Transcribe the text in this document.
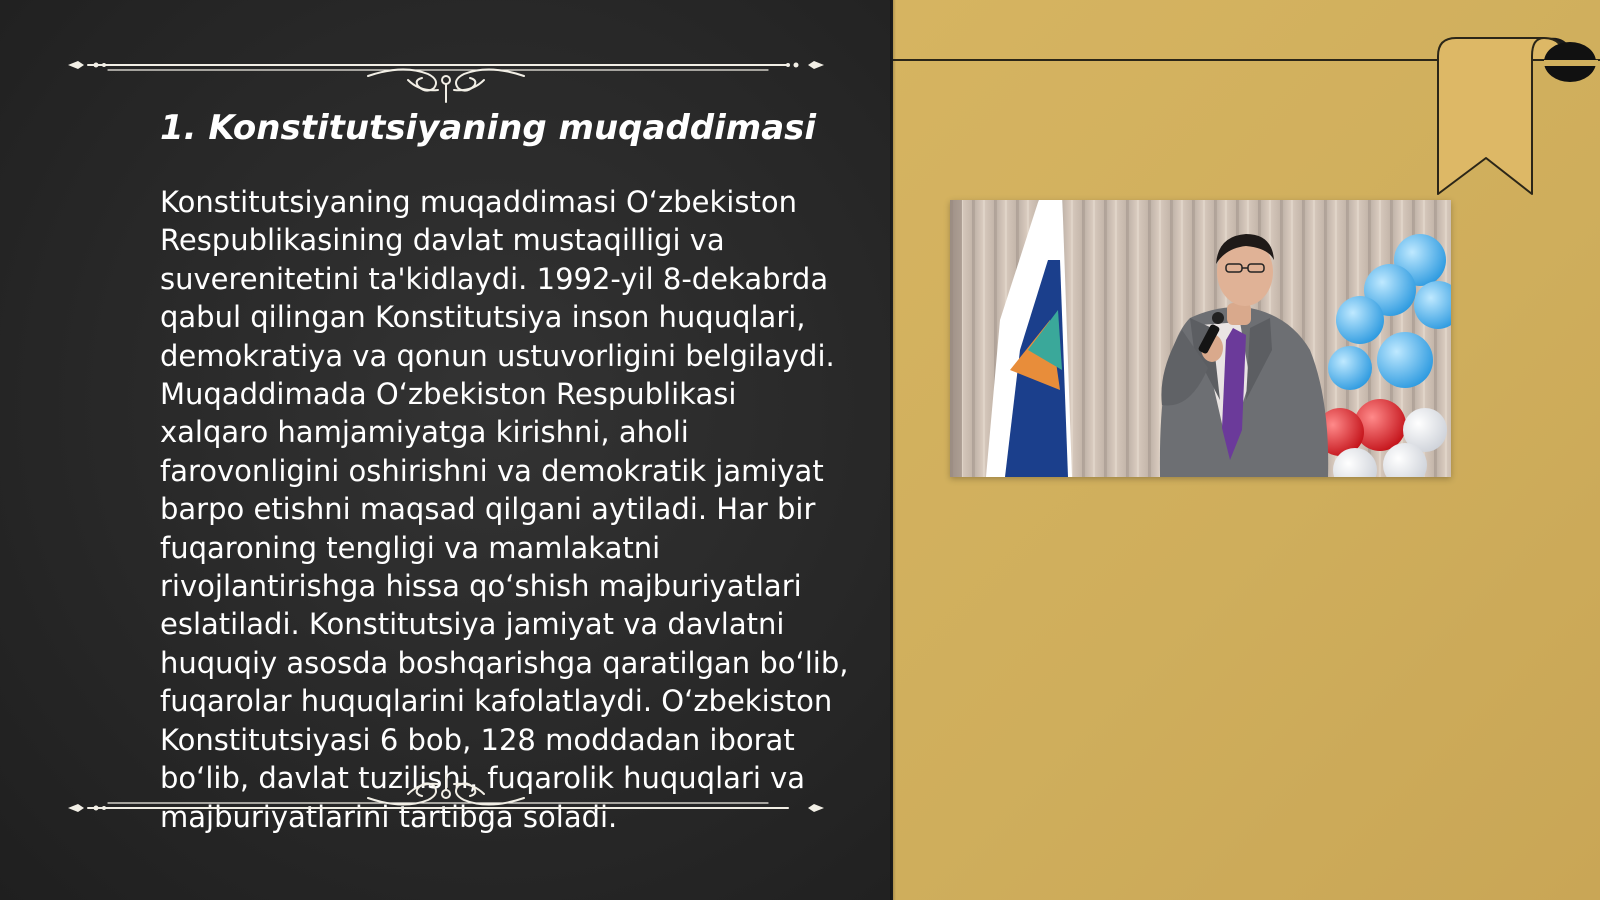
1. Konstitutsiyaning muqaddimasi

Konstitutsiyaning muqaddimasi O‘zbekiston Respublikasining davlat mustaqilligi va suverenitetini ta'kidlaydi. 1992-yil 8-dekabrda qabul qilingan Konstitutsiya inson huquqlari, demokratiya va qonun ustuvorligini belgilaydi. Muqaddimada O‘zbekiston Respublikasi xalqaro hamjamiyatga kirishni, aholi farovonligini oshirishni va demokratik jamiyat barpo etishni maqsad qilgani aytiladi. Har bir fuqaroning tengligi va mamlakatni rivojlantirishga hissa qo‘shish majburiyatlari eslatiladi. Konstitutsiya jamiyat va davlatni huquqiy asosda boshqarishga qaratilgan bo‘lib, fuqarolar huquqlarini kafolatlaydi. O‘zbekiston Konstitutsiyasi 6 bob, 128 moddadan iborat bo‘lib, davlat tuzilishi, fuqarolik huquqlari va majburiyatlarini tartibga soladi.
